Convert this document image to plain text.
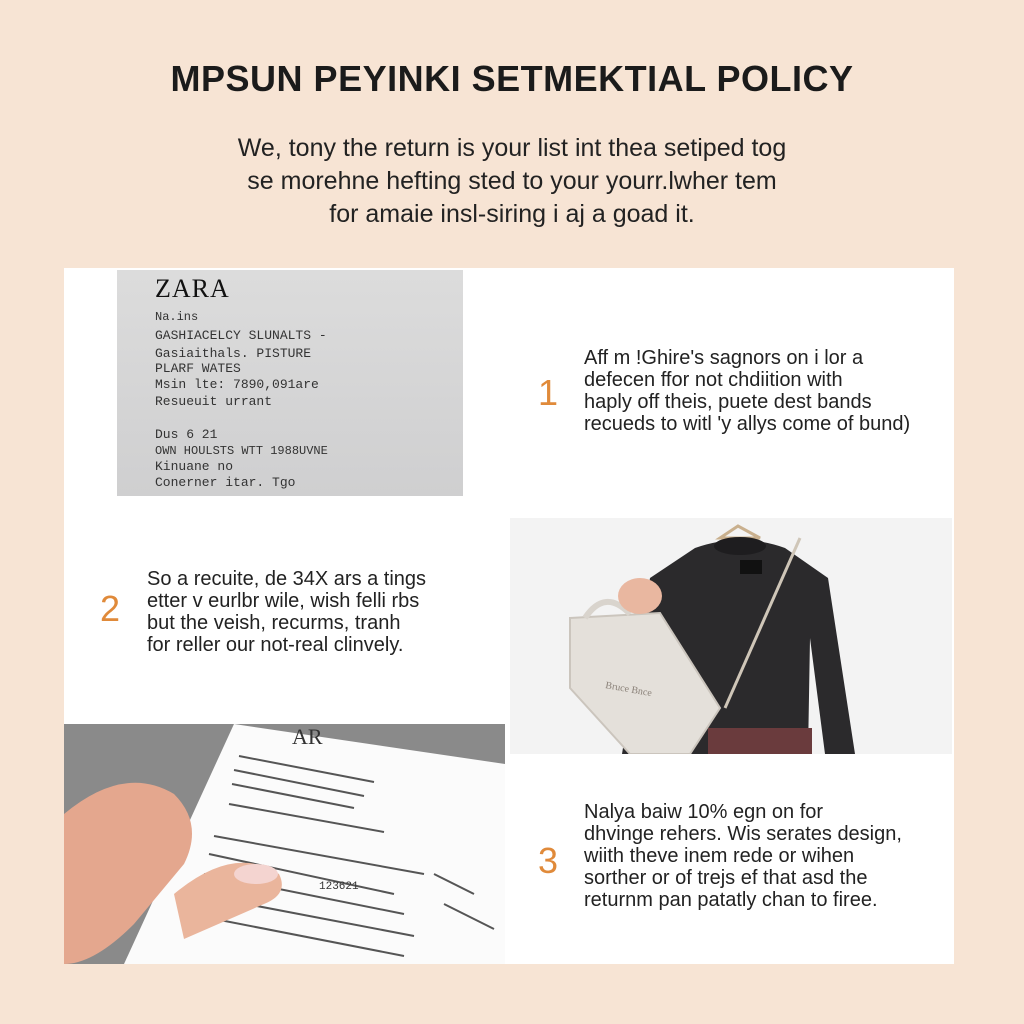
MPSUN PEYINKI SETMEKTIAL POLICY
We, tony the return is your list int thea setiped tog
se morehne hefting sted to your yourr.lwher tem
for amaie insl-siring i aj a goad it.
ZARA
Na.ins
GASHIACELCY SLUNALTS -
Gasiaithals. PISTURE
PLARF WATES
Msin lte: 7890,091are
Resueuit urrant
Dus 6 21
OWN HOULSTS WTT 1988UVNE
Kinuane no
Conerner itar. Tgo
1
Aff m !Ghire's sagnors on i lor a
defecen ffor not chdiition with
haply off theis, puete dest bands
recueds to witl 'y allys come of bund)
2
So a recuite, de 34X ars a tings
etter v eurlbr wile, wish felli rbs
but the veish, recurms, tranh
for reller our not-real clinvely.
Bruce Bnce
AR
123621
3
Nalya baiw 10% egn on for
dhvinge rehers. Wis serates design,
wiith theve inem rede or wihen
sorther or of trejs ef that asd the
returnm pan patatly chan to firee.
